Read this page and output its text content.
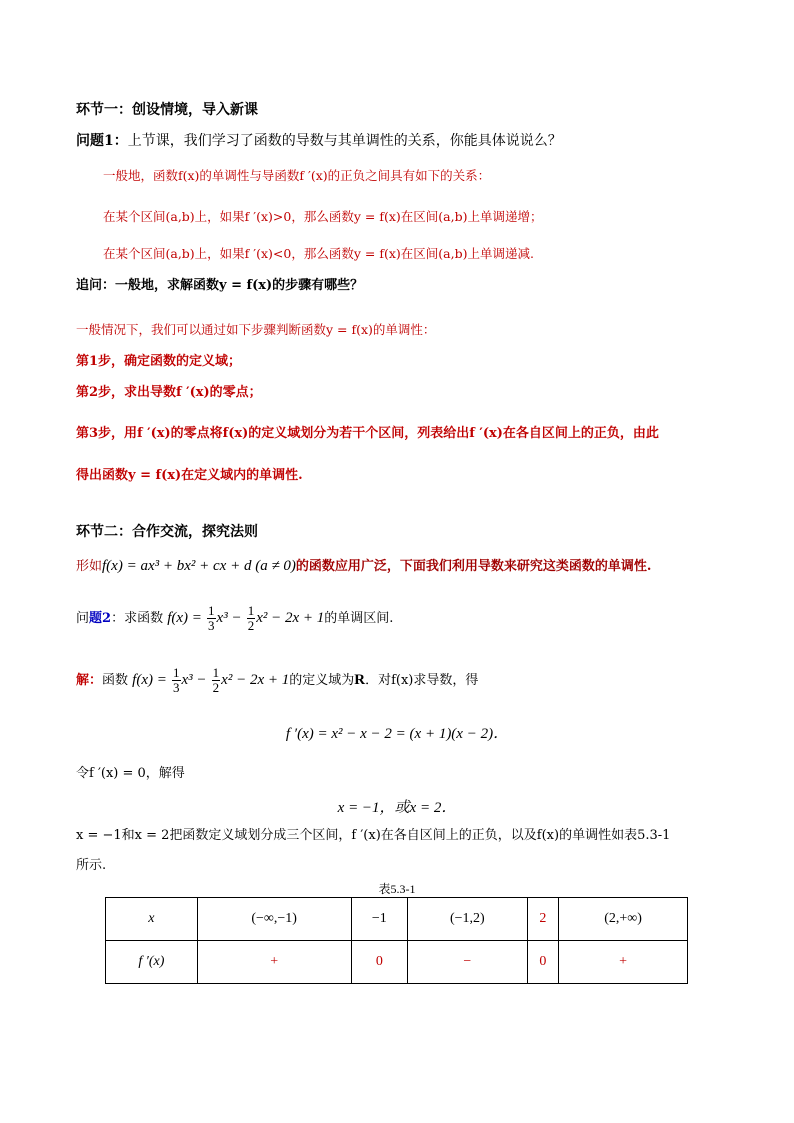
环节一：创设情境，导入新课
问题1：上节课，我们学习了函数的导数与其单调性的关系，你能具体说说么？
一般地，函数f(x)的单调性与导函数f ′(x)的正负之间具有如下的关系：
在某个区间(a,b)上，如果f ′(x)>0，那么函数y = f(x)在区间(a,b)上单调递增；
在某个区间(a,b)上，如果f ′(x)<0，那么函数y = f(x)在区间(a,b)上单调递减.
追问：一般地，求解函数y = f(x)的步骤有哪些？
一般情况下，我们可以通过如下步骤判断函数y = f(x)的单调性：
第1步，确定函数的定义域；
第2步，求出导数f ′(x)的零点；
第3步，用f ′(x)的零点将f(x)的定义域划分为若干个区间，列表给出f ′(x)在各自区间上的正负，由此
得出函数y = f(x)在定义域内的单调性.
环节二：合作交流，探究法则
形如f(x) = ax³ + bx² + cx + d (a ≠ 0)的函数应用广泛，下面我们利用导数来研究这类函数的单调性.
问题2：求函数 $f(x) = \frac{1}{3} x^3 - \frac{1}{2} x^2 - 2x + 1$的单调区间.
解：函数 $f(x) = \frac{1}{3} x^3 - \frac{1}{2} x^2 - 2x + 1$的定义域为R．对f(x)求导数，得
f ′(x) = x² − x − 2 = (x + 1)(x − 2)．
令f ′(x) = 0，解得
x = −1，或x = 2．
x = −1和x = 2把函数定义域划分成三个区间，f ′(x)在各自区间上的正负，以及f(x)的单调性如表5.3-1
所示.
表5.3-1
x	(−∞,−1)	−1	(−1,2)	2	(2,+∞)
f ′(x)	+	0	−	0	+
